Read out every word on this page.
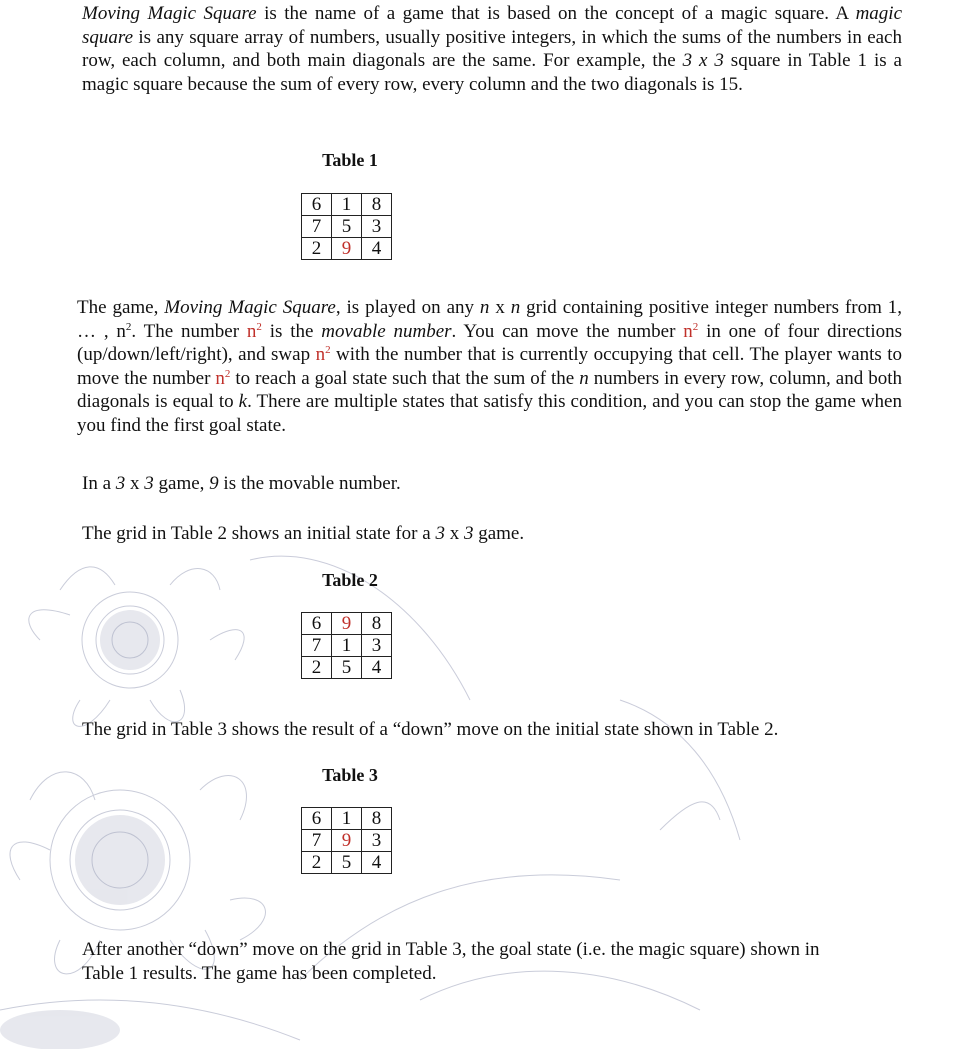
Moving Magic Square is the name of a game that is based on the concept of a magic square. A magic square is any square array of numbers, usually positive integers, in which the sums of the numbers in each row, each column, and both main diagonals are the same. For example, the 3 x 3 square in Table 1 is a magic square because the sum of every row, every column and the two diagonals is 15.

Table 1

6	1	8
7	5	3
2	9	4

The game, Moving Magic Square, is played on any n x n grid containing positive integer numbers from 1, … , $n^2$. The number $n^2$ is the movable number. You can move the number $n^2$ in one of four directions (up/down/left/right), and swap $n^2$ with the number that is currently occupying that cell. The player wants to move the number $n^2$ to reach a goal state such that the sum of the n numbers in every row, column, and both diagonals is equal to k. There are multiple states that satisfy this condition, and you can stop the game when you find the first goal state.

In a 3 x 3 game, 9 is the movable number.

The grid in Table 2 shows an initial state for a 3 x 3 game.

Table 2

6	9	8
7	1	3
2	5	4

The grid in Table 3 shows the result of a “down” move on the initial state shown in Table 2.

Table 3

6	1	8
7	9	3
2	5	4

After another “down” move on the grid in Table 3, the goal state (i.e. the magic square) shown in Table 1 results. The game has been completed.
